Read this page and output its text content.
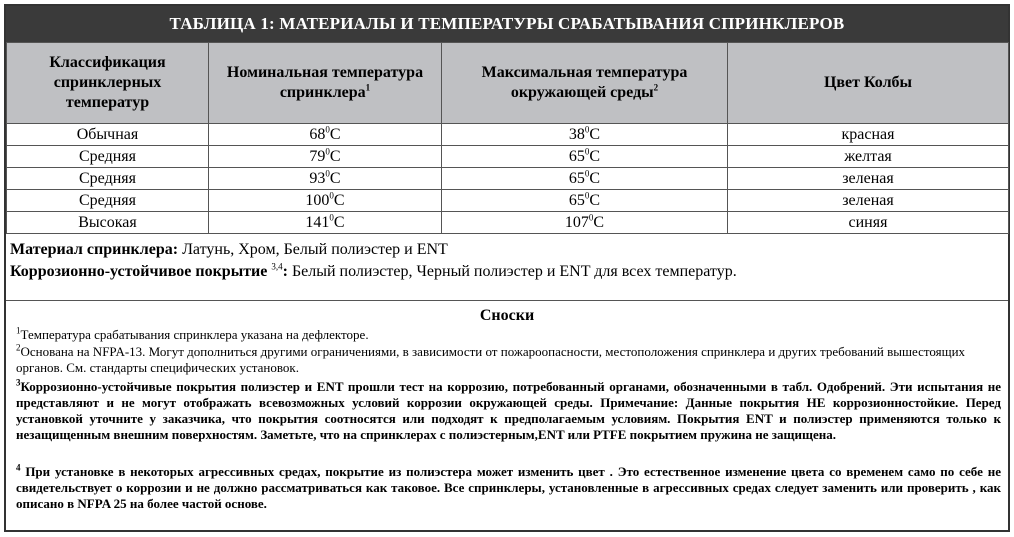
ТАБЛИЦА 1: МАТЕРИАЛЫ И ТЕМПЕРАТУРЫ СРАБАТЫВАНИЯ СПРИНКЛЕРОВ
Классификация спринклерных температур	Номинальная температура спринклера$^1$	Максимальная температура окружающей среды$^2$	Цвет Колбы
Обычная	$68^0C$	$38^0C$	красная
Средняя	$79^0C$	$65^0C$	желтая
Средняя	$93^0C$	$65^0C$	зеленая
Средняя	$100^0C$	$65^0C$	зеленая
Высокая	$141^0C$	$107^0C$	синяя
Материал спринклера: Латунь, Хром, Белый полиэстер и ENT
Коррозионно-устойчивое покрытие $^{3,4}$: Белый полиэстер, Черный полиэстер и ENT для всех температур.
Сноски
$^1$Температура срабатывания спринклера указана на дефлекторе.
$^2$Основана на NFPA-13. Могут дополниться другими ограничениями, в зависимости от пожароопасности, местоположения спринклера и других требований вышестоящих органов. См. стандарты специфических установок.
$^3$Коррозионно-устойчивые покрытия полиэстер и ENT прошли тест на коррозию, потребованный органами, обозначенными в табл. Одобрений. Эти испытания не представляют и не могут отображать всевозможных условий коррозии окружающей среды. Примечание: Данные покрытия НЕ коррозионностойкие. Перед установкой уточните у заказчика, что покрытия соотносятся или подходят к предполагаемым условиям. Покрытия ENT и полиэстер применяются только к незащищенным внешним поверхностям. Заметьте, что на спринклерах с полиэстерным,ENT или PTFE покрытием пружина не защищена.
$^4$ При установке в некоторых агрессивных средах, покрытие из полиэстера может изменить цвет . Это естественное изменение цвета со временем само по себе не свидетельствует о коррозии и не должно рассматриваться как таковое. Все спринклеры, установленные в агрессивных средах следует заменить или проверить , как описано в NFPA 25 на более частой основе.
